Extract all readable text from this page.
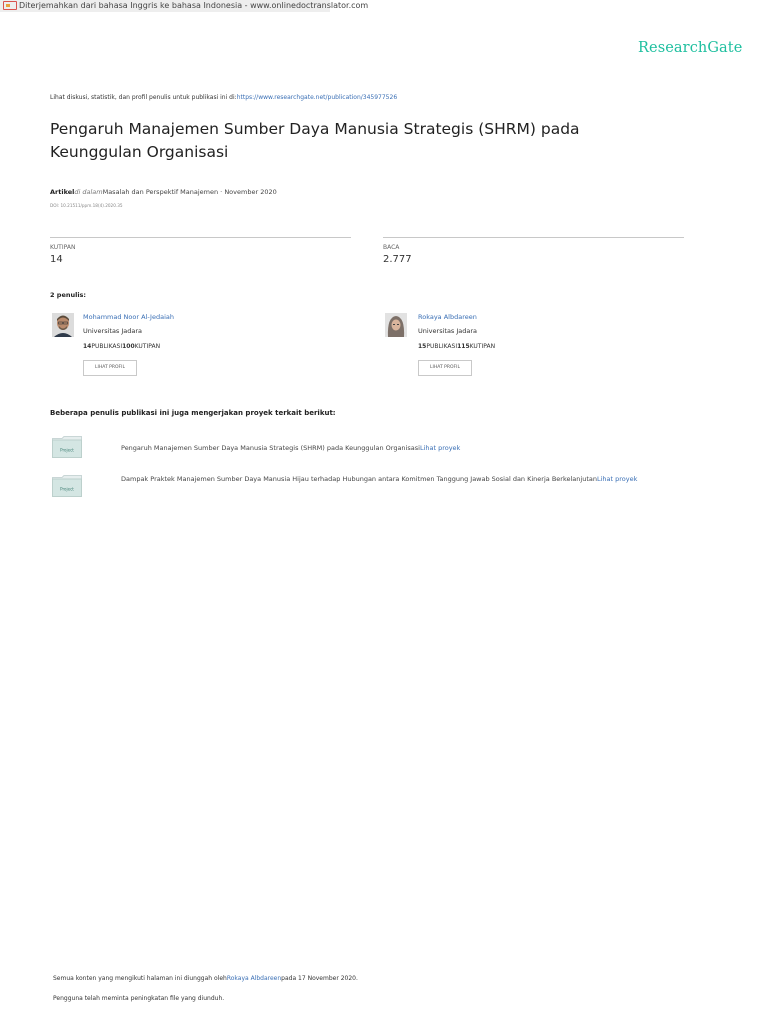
Diterjemahkan dari bahasa Inggris ke bahasa Indonesia - www.onlinedoctranslator.com
ResearchGate
Lihat diskusi, statistik, dan profil penulis untuk publikasi ini di:https://www.researchgate.net/publication/345977526
Pengaruh Manajemen Sumber Daya Manusia Strategis (SHRM) pada Keunggulan Organisasi
Artikeldi dalamMasalah dan Perspektif Manajemen · November 2020
DOI: 10.21511/ppm.18(4).2020.35
KUTIPAN
14
BACA
2.777
2 penulis:
Mohammad Noor Al-Jedaiah
Universitas Jadara
14PUBLIKASI100KUTIPAN
LIHAT PROFIL
Rokaya Albdareen
Universitas Jadara
15PUBLIKASI115KUTIPAN
LIHAT PROFIL
Beberapa penulis publikasi ini juga mengerjakan proyek terkait berikut:
Project	Pengaruh Manajemen Sumber Daya Manusia Strategis (SHRM) pada Keunggulan OrganisasiLihat proyek
Project
Dampak Praktek Manajemen Sumber Daya Manusia Hijau terhadap Hubungan antara Komitmen Tanggung Jawab Sosial dan Kinerja BerkelanjutanLihat proyek
Semua konten yang mengikuti halaman ini diunggah olehRokaya Albdareenpada 17 November 2020.
Pengguna telah meminta peningkatan file yang diunduh.
